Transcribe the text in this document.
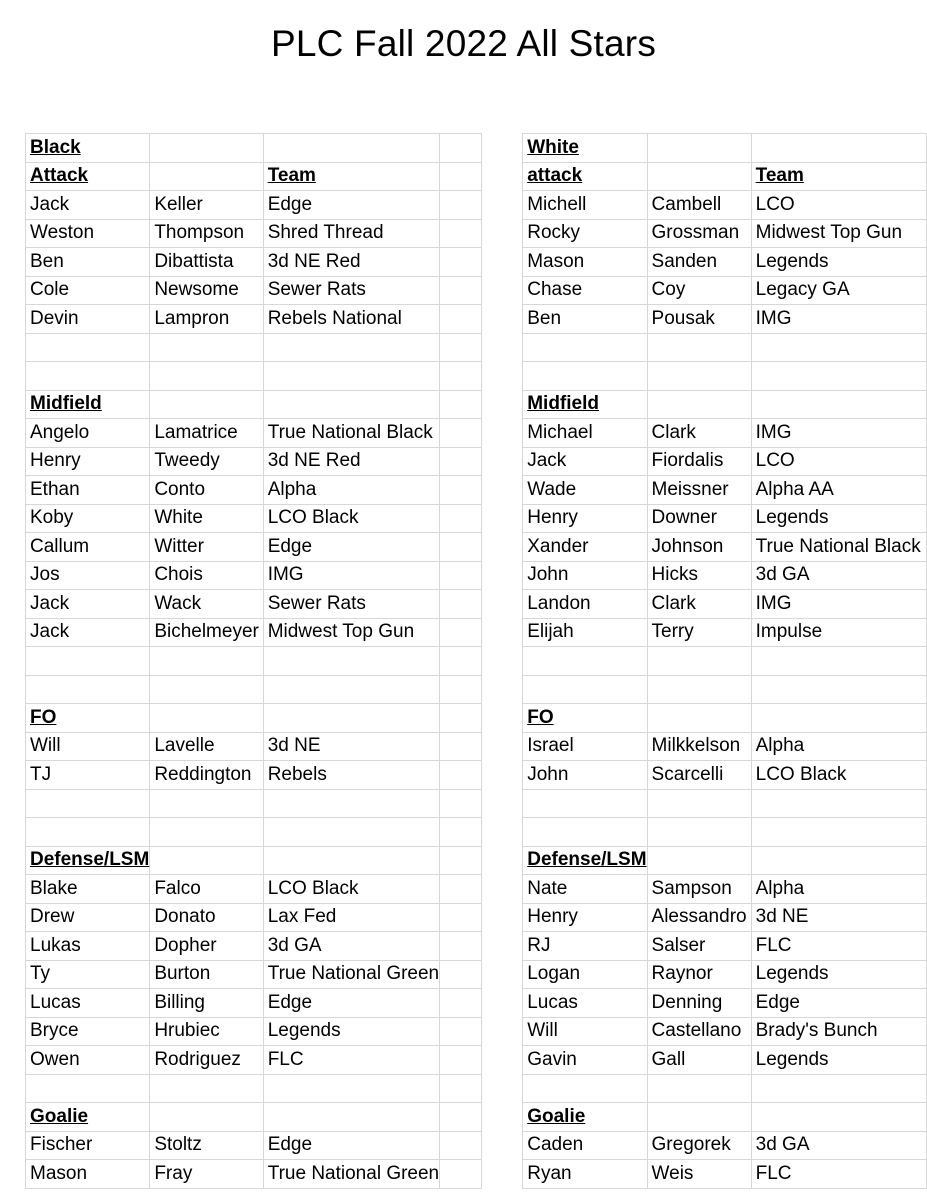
PLC Fall 2022 All Stars
Black					White		
Attack		Team			attack		Team
Jack	Keller	Edge			Michell	Cambell	LCO
Weston	Thompson	Shred Thread			Rocky	Grossman	Midwest Top Gun
Ben	Dibattista	3d NE Red			Mason	Sanden	Legends
Cole	Newsome	Sewer Rats			Chase	Coy	Legacy GA
Devin	Lampron	Rebels National			Ben	Pousak	IMG

Midfield					Midfield		
Angelo	Lamatrice	True National Black			Michael	Clark	IMG
Henry	Tweedy	3d NE Red			Jack	Fiordalis	LCO
Ethan	Conto	Alpha			Wade	Meissner	Alpha AA
Koby	White	LCO Black			Henry	Downer	Legends
Callum	Witter	Edge			Xander	Johnson	True National Black
Jos	Chois	IMG			John	Hicks	3d GA
Jack	Wack	Sewer Rats			Landon	Clark	IMG
Jack	Bichelmeyer	Midwest Top Gun			Elijah	Terry	Impulse

FO					FO		
Will	Lavelle	3d NE			Israel	Milkkelson	Alpha
TJ	Reddington	Rebels			John	Scarcelli	LCO Black

Defense/LSM					Defense/LSM		
Blake	Falco	LCO Black			Nate	Sampson	Alpha
Drew	Donato	Lax Fed			Henry	Alessandro	3d NE
Lukas	Dopher	3d GA			RJ	Salser	FLC
Ty	Burton	True National Green			Logan	Raynor	Legends
Lucas	Billing	Edge			Lucas	Denning	Edge
Bryce	Hrubiec	Legends			Will	Castellano	Brady's Bunch
Owen	Rodriguez	FLC			Gavin	Gall	Legends

Goalie					Goalie		
Fischer	Stoltz	Edge			Caden	Gregorek	3d GA
Mason	Fray	True National Green			Ryan	Weis	FLC
